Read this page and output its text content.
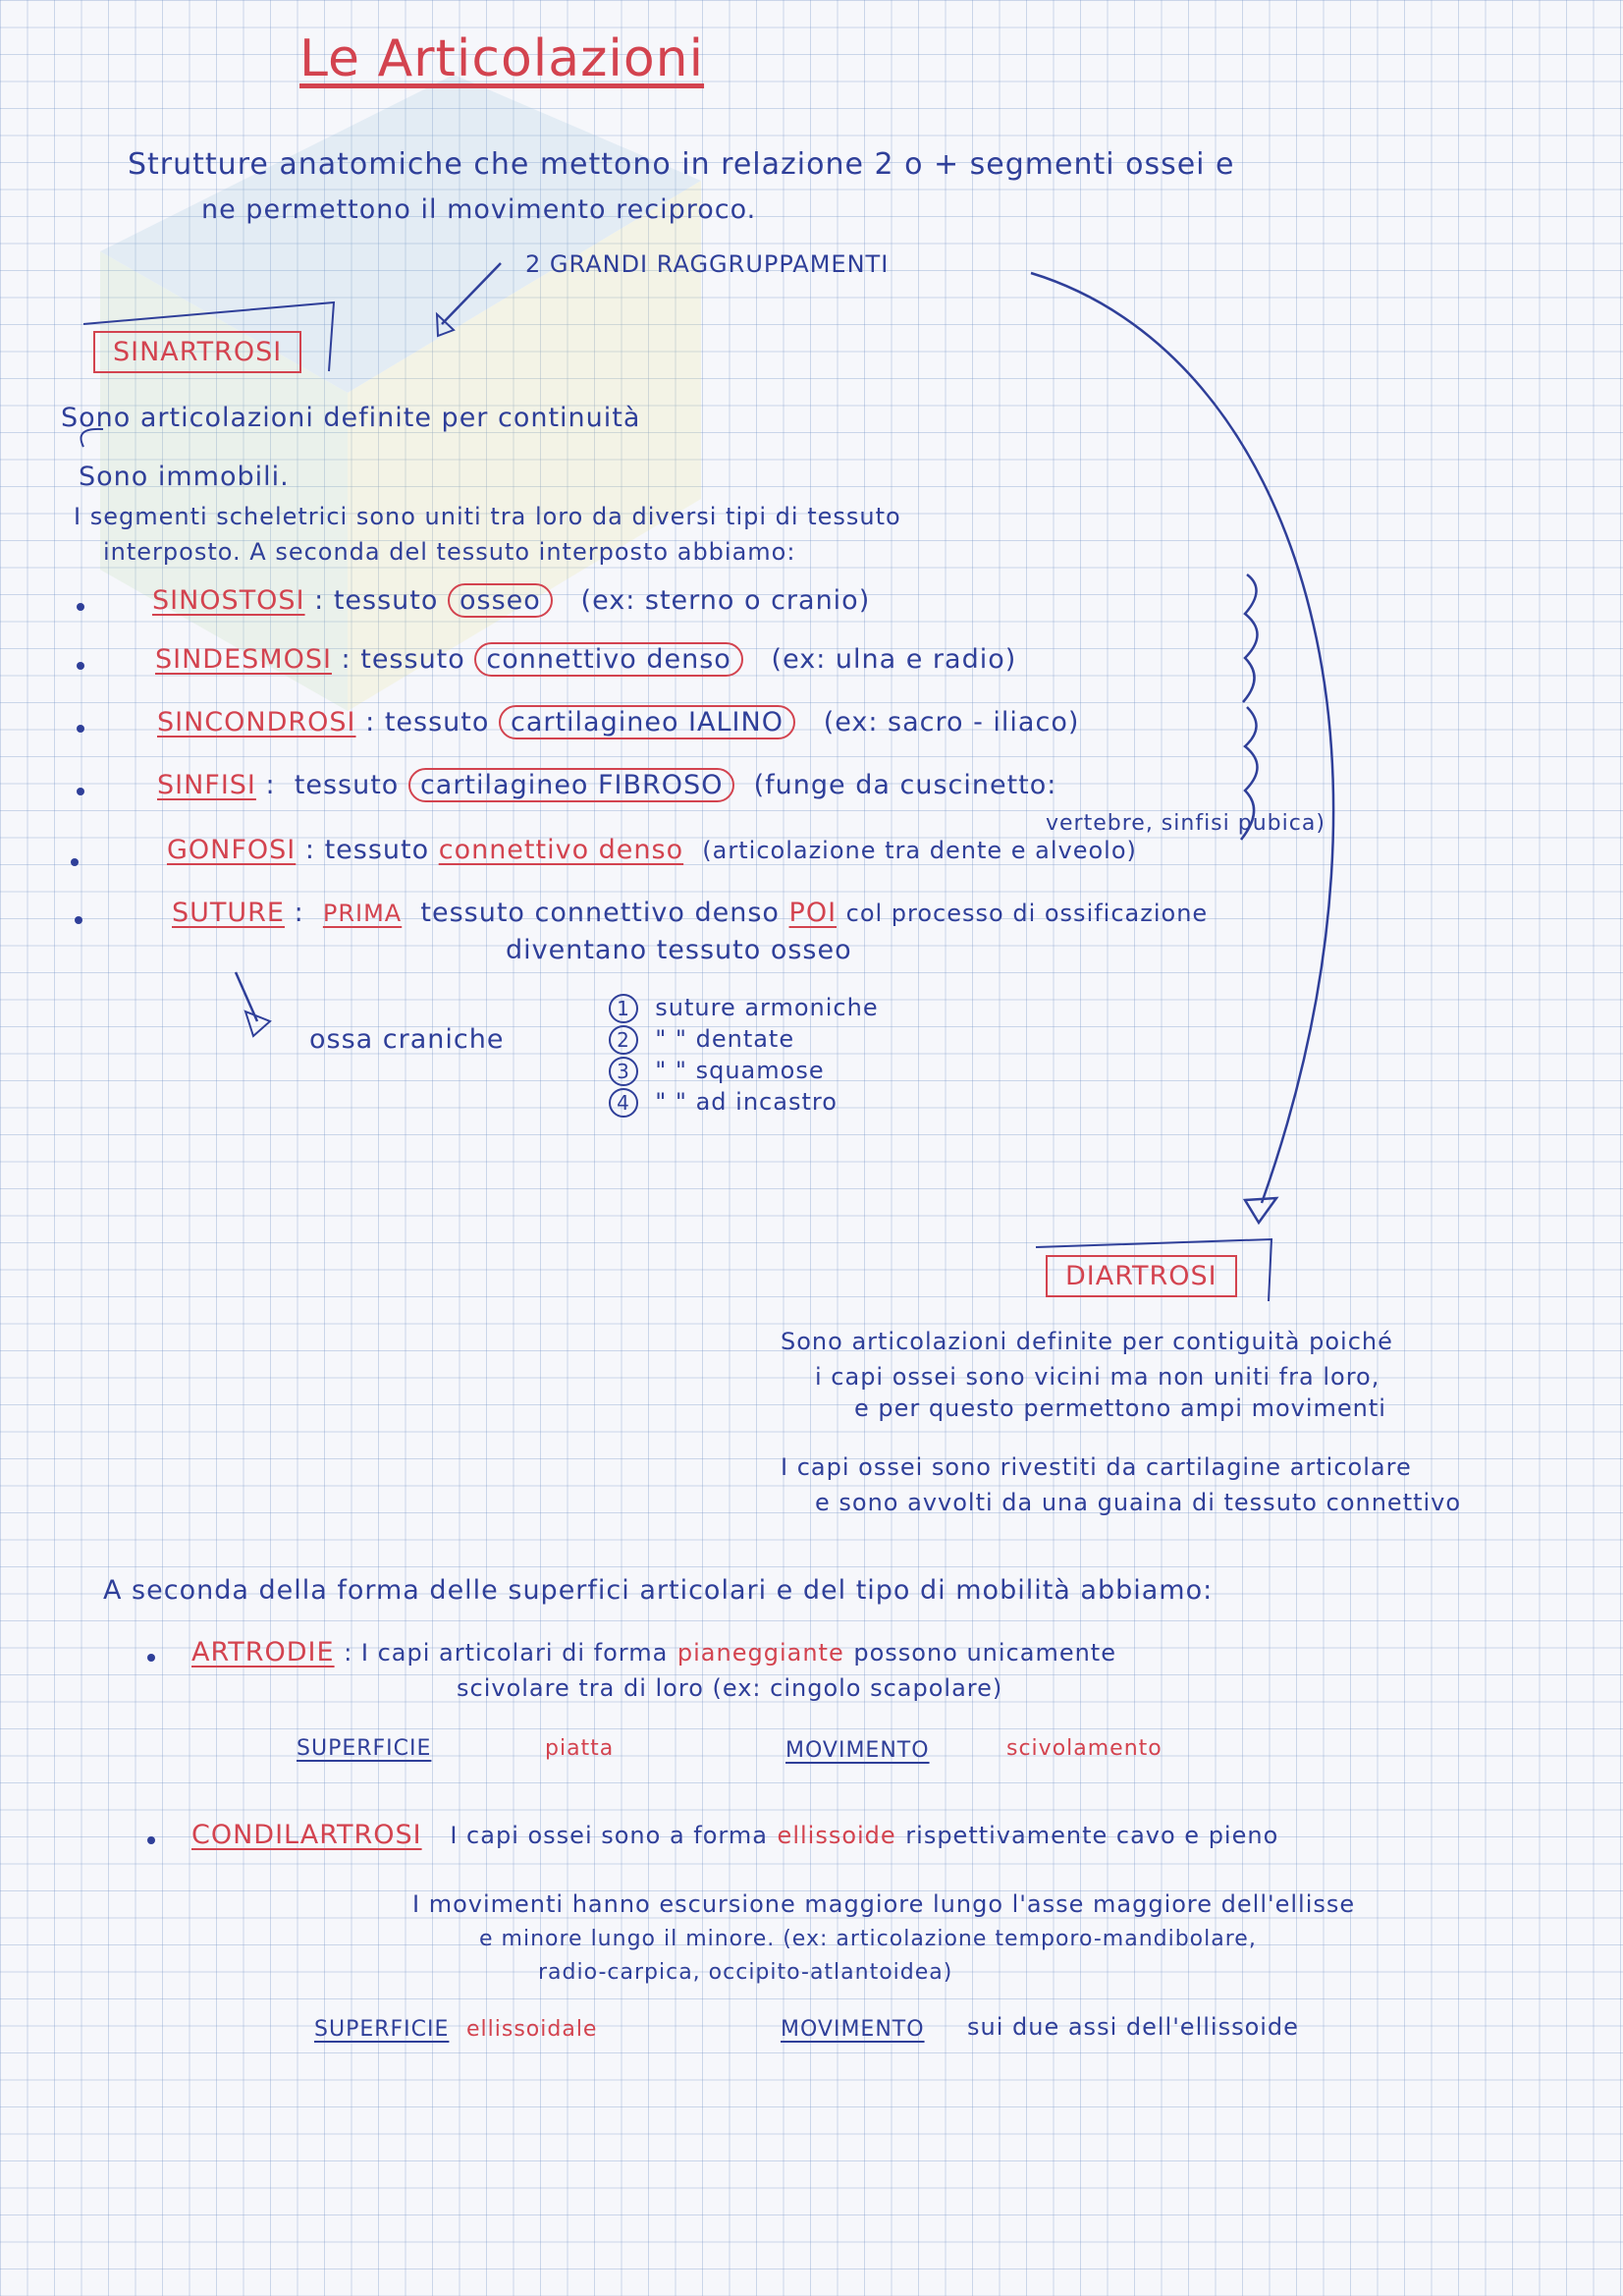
Le Articolazioni
Strutture anatomiche che mettono in relazione 2 o + segmenti ossei e
ne permettono il movimento reciproco.
2 GRANDI RAGGRUPPAMENTI
SINARTROSI
Sono articolazioni definite per continuità
Sono immobili.
I segmenti scheletrici sono uniti tra loro da diversi tipi di tessuto
interposto. A seconda del tessuto interposto abbiamo:
SINOSTOSI : tessuto osseo (ex: sterno o cranio)
SINDESMOSI : tessuto connettivo denso (ex: ulna e radio)
SINCONDROSI : tessuto cartilagineo IALINO (ex: sacro - iliaco)
SINFISI : tessuto cartilagineo FIBROSO (funge da cuscinetto:
vertebre, sinfisi pubica)
GONFOSI : tessuto connettivo denso (articolazione tra dente e alveolo)
SUTURE : PRIMA tessuto connettivo denso POI col processo di ossificazione
diventano tessuto osseo
ossa craniche
1 suture armoniche
2 " " dentate
3 " " squamose
4 " " ad incastro
DIARTROSI
Sono articolazioni definite per contiguità poiché
i capi ossei sono vicini ma non uniti fra loro,
e per questo permettono ampi movimenti
I capi ossei sono rivestiti da cartilagine articolare
e sono avvolti da una guaina di tessuto connettivo
A seconda della forma delle superfici articolari e del tipo di mobilità abbiamo:
ARTRODIE : I capi articolari di forma pianeggiante possono unicamente
scivolare tra di loro (ex: cingolo scapolare)
SUPERFICIE	piatta	MOVIMENTO	scivolamento
CONDILARTROSI I capi ossei sono a forma ellissoide rispettivamente cavo e pieno
I movimenti hanno escursione maggiore lungo l'asse maggiore dell'ellisse
e minore lungo il minore. (ex: articolazione temporo-mandibolare,
radio-carpica, occipito-atlantoidea)
SUPERFICIE ellissoidale	MOVIMENTO sui due assi dell'ellissoide
